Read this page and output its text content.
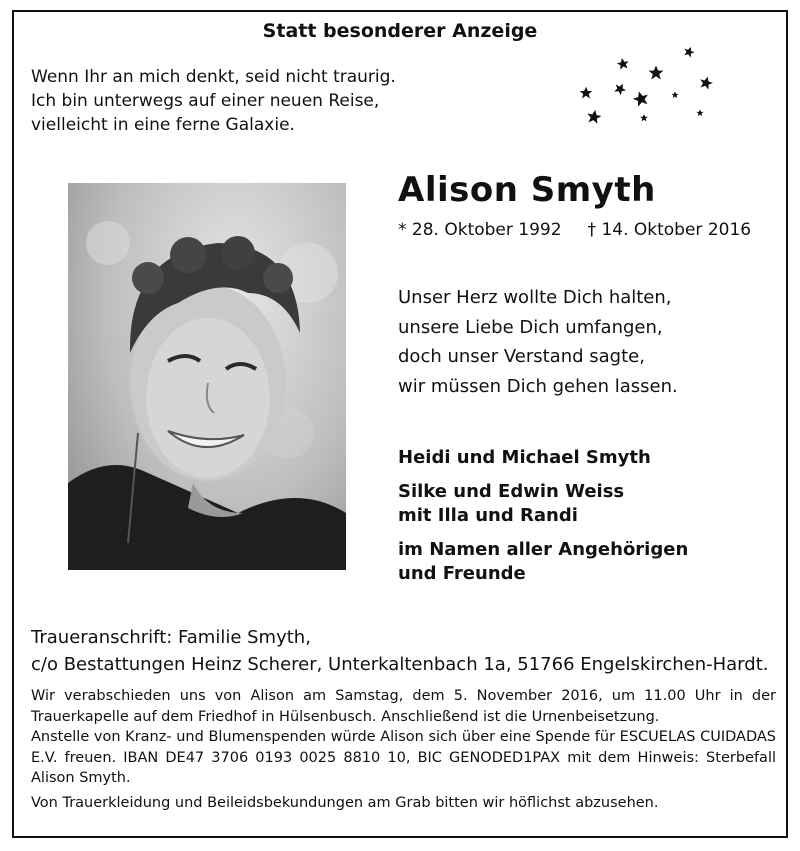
Statt besonderer Anzeige
Wenn Ihr an mich denkt, seid nicht traurig.
Ich bin unterwegs auf einer neuen Reise,
vielleicht in eine ferne Galaxie.
Alison Smyth
* 28. Oktober 1992 † 14. Oktober 2016
Unser Herz wollte Dich halten,
unsere Liebe Dich umfangen,
doch unser Verstand sagte,
wir müssen Dich gehen lassen.
Heidi und Michael Smyth
Silke und Edwin Weiss
mit Illa und Randi
im Namen aller Angehörigen
und Freunde
Traueranschrift: Familie Smyth,
c/o Bestattungen Heinz Scherer, Unterkaltenbach 1a, 51766 Engelskirchen-Hardt.

Wir verabschieden uns von Alison am Samstag, dem 5. November 2016, um 11.00 Uhr in der Trauerkapelle auf dem Friedhof in Hülsenbusch. Anschließend ist die Urnenbeisetzung.

Anstelle von Kranz- und Blumenspenden würde Alison sich über eine Spende für ESCUELAS CUIDADAS E.V. freuen. IBAN DE47 3706 0193 0025 8810 10, BIC GENODED1PAX mit dem Hinweis: Sterbefall Alison Smyth.

Von Trauerkleidung und Beileidsbekundungen am Grab bitten wir höflichst abzusehen.
